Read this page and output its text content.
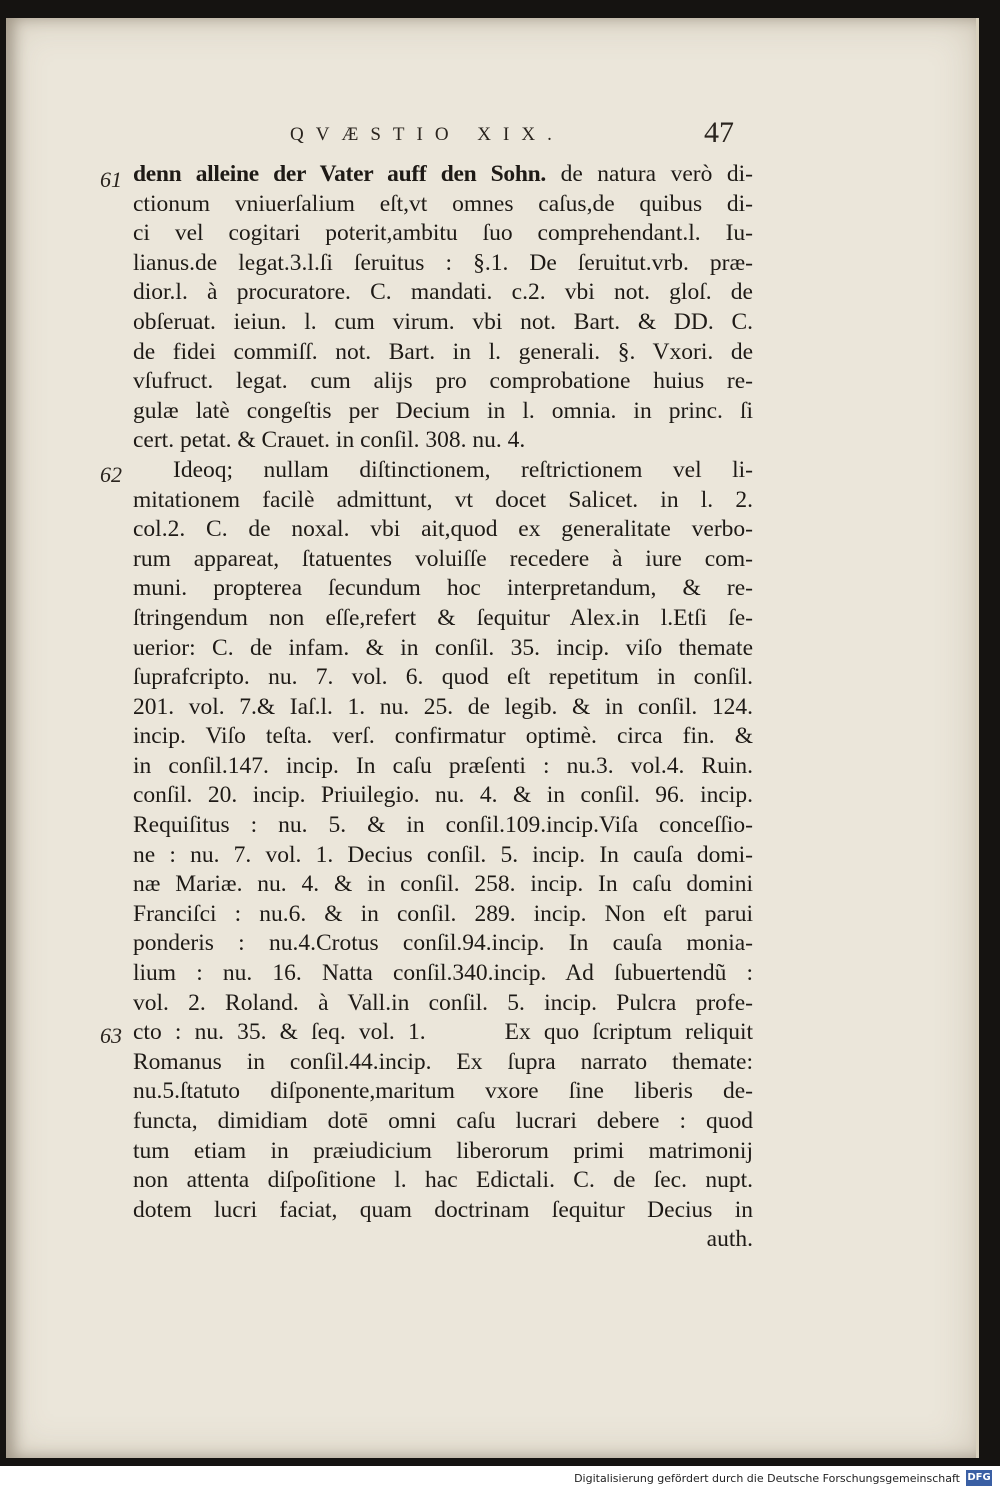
QVÆSTIO XIX.	47
61
62
63
denn alleine der Vater auff den Sohn. de natura verò di-
ctionum vniuerſalium eſt,vt omnes caſus,de quibus di-
ci vel cogitari poterit,ambitu ſuo comprehendant.l. Iu-
lianus.de legat.3.l.ſi ſeruitus : §.1. De ſeruitut.vrb. præ-
dior.l. à procuratore. C. mandati. c.2. vbi not. gloſ. de
obſeruat. ieiun. l. cum virum. vbi not. Bart. & DD. C.
de fidei commiſſ. not. Bart. in l. generali. §. Vxori. de
vſufruct. legat. cum alijs pro comprobatione huius re-
gulæ latè congeſtis per Decium in l. omnia. in princ. ſi
cert. petat. & Crauet. in conſil. 308. nu. 4.
Ideoq; nullam diſtinctionem, reſtrictionem vel li-
mitationem facilè admittunt, vt docet Salicet. in l. 2.
col.2. C. de noxal. vbi ait,quod ex generalitate verbo-
rum appareat, ſtatuentes voluiſſe recedere à iure com-
muni. propterea ſecundum hoc interpretandum, & re-
ſtringendum non eſſe,refert & ſequitur Alex.in l.Etſi ſe-
uerior: C. de infam. & in conſil. 35. incip. viſo themate
ſuprafcripto. nu. 7. vol. 6. quod eſt repetitum in conſil.
201. vol. 7.& Iaſ.l. 1. nu. 25. de legib. & in conſil. 124.
incip. Viſo teſta. verſ. confirmatur optimè. circa fin. &
in conſil.147. incip. In caſu præſenti : nu.3. vol.4. Ruin.
conſil. 20. incip. Priuilegio. nu. 4. & in conſil. 96. incip.
Requiſitus : nu. 5. & in conſil.109.incip.Viſa conceſſio-
ne : nu. 7. vol. 1. Decius conſil. 5. incip. In cauſa domi-
næ Mariæ. nu. 4. & in conſil. 258. incip. In caſu domini
Franciſci : nu.6. & in conſil. 289. incip. Non eſt parui
ponderis : nu.4.Crotus conſil.94.incip. In cauſa monia-
lium : nu. 16. Natta conſil.340.incip. Ad ſubuertendũ :
vol. 2. Roland. à Vall.in conſil. 5. incip. Pulcra profe-
cto : nu. 35. & ſeq. vol. 1.      Ex quo ſcriptum reliquit
Romanus in conſil.44.incip. Ex ſupra narrato themate:
nu.5.ſtatuto diſponente,maritum vxore ſine liberis de-
functa, dimidiam dotē omni caſu lucrari debere : quod
tum etiam in præiudicium liberorum primi matrimonij
non attenta diſpoſitione l. hac Edictali. C. de ſec. nupt.
dotem lucri faciat, quam doctrinam ſequitur Decius in
auth.
Digitalisierung gefördert durch die Deutsche Forschungsgemeinschaft DFG
